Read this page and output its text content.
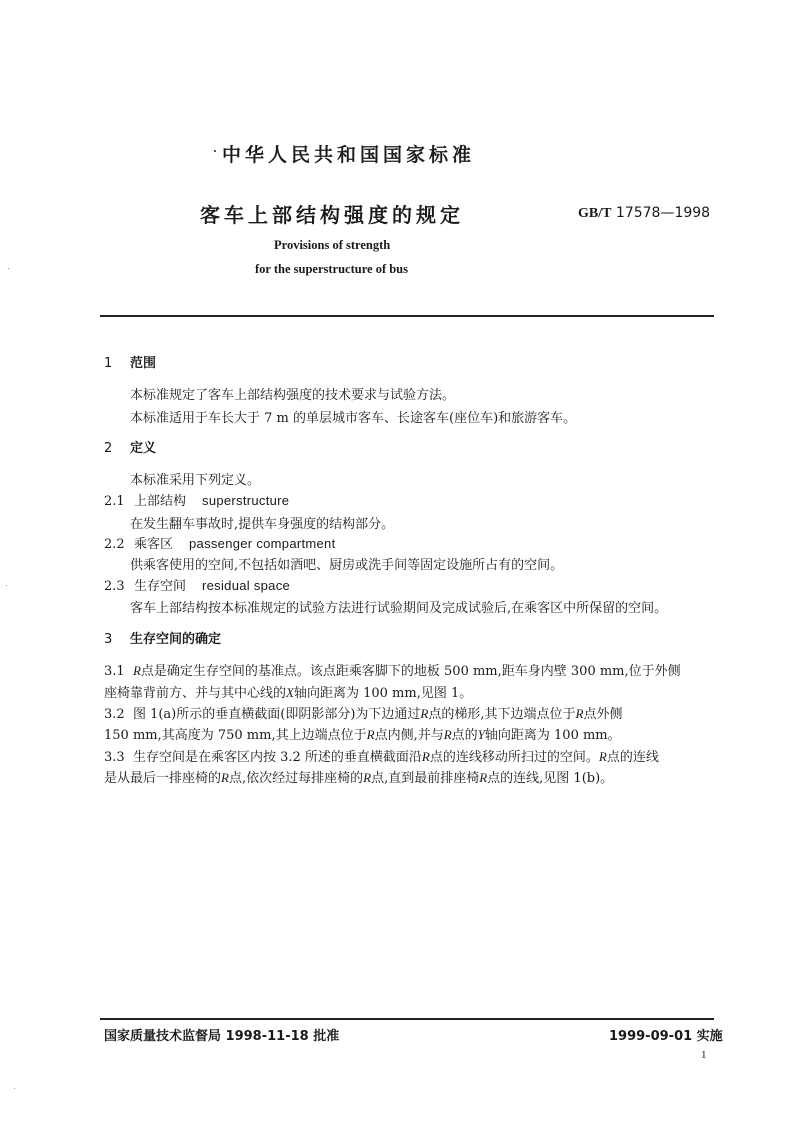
中华人民共和国国家标准
客车上部结构强度的规定	GB/T 17578—1998
Provisions of strength
for the superstructure of bus
1 范围
本标准规定了客车上部结构强度的技术要求与试验方法。
本标准适用于车长大于 7 m 的单层城市客车、长途客车(座位车)和旅游客车。
2 定义
本标准采用下列定义。
2.1 上部结构 superstructure
在发生翻车事故时,提供车身强度的结构部分。
2.2 乘客区 passenger compartment
供乘客使用的空间,不包括如酒吧、厨房或洗手间等固定设施所占有的空间。
2.3 生存空间 residual space
客车上部结构按本标准规定的试验方法进行试验期间及完成试验后,在乘客区中所保留的空间。
3 生存空间的确定
3.1 R点是确定生存空间的基准点。该点距乘客脚下的地板 500 mm,距车身内壁 300 mm,位于外侧
座椅靠背前方、并与其中心线的X轴向距离为 100 mm,见图 1。
3.2 图 1(a)所示的垂直横截面(即阴影部分)为下边通过R点的梯形,其下边端点位于R点外侧
150 mm,其高度为 750 mm,其上边端点位于R点内侧,并与R点的Y轴向距离为 100 mm。
3.3 生存空间是在乘客区内按 3.2 所述的垂直横截面沿R点的连线移动所扫过的空间。R点的连线
是从最后一排座椅的R点,依次经过每排座椅的R点,直到最前排座椅R点的连线,见图 1(b)。
国家质量技术监督局 1998-11-18 批准	1999-09-01 实施
1
